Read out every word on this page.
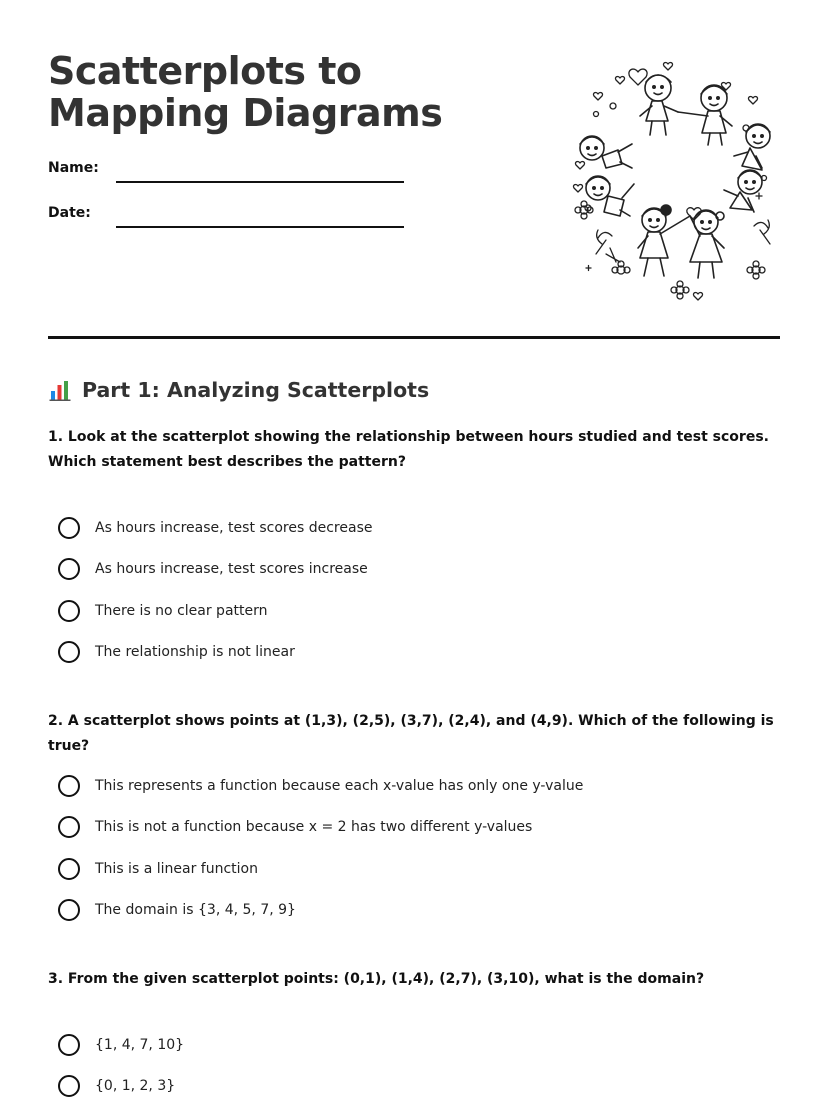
Scatterplots to Mapping Diagrams
Name:
Date:
Part 1: Analyzing Scatterplots

1. Look at the scatterplot showing the relationship between hours studied and test scores. Which statement best describes the pattern?

As hours increase, test scores decrease
As hours increase, test scores increase
There is no clear pattern
The relationship is not linear

2. A scatterplot shows points at (1,3), (2,5), (3,7), (2,4), and (4,9). Which of the following is true?

This represents a function because each x-value has only one y-value
This is not a function because x = 2 has two different y-values
This is a linear function
The domain is {3, 4, 5, 7, 9}

3. From the given scatterplot points: (0,1), (1,4), (2,7), (3,10), what is the domain?

{1, 4, 7, 10}
{0, 1, 2, 3}
